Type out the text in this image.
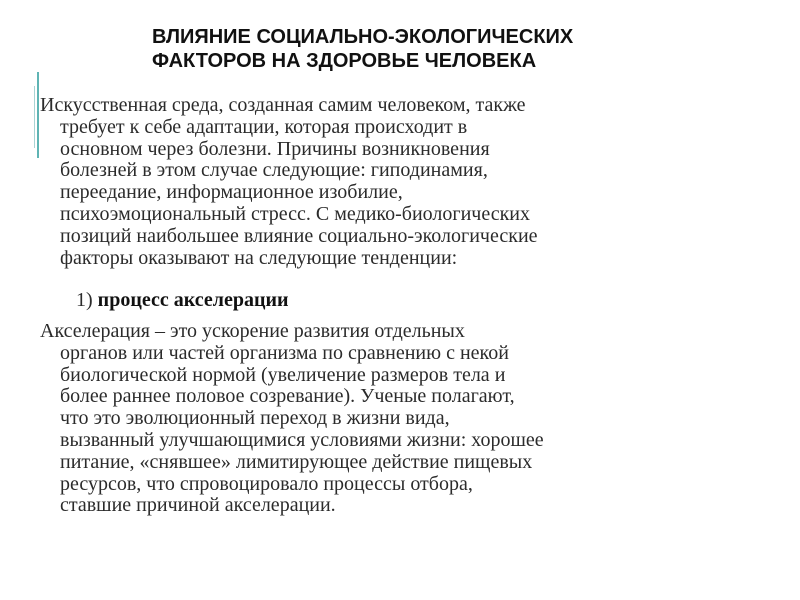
ВЛИЯНИЕ СОЦИАЛЬНО-ЭКОЛОГИЧЕСКИХ
ФАКТОРОВ НА ЗДОРОВЬЕ ЧЕЛОВЕКА

Искусственная среда, созданная самим человеком, также
требует к себе адаптации, которая происходит в
основном через болезни. Причины возникновения
болезней в этом случае следующие: гиподинамия,
переедание, информационное изобилие,
психоэмоциональный стресс. С медико-биологических
позиций наибольшее влияние социально-экологические
факторы оказывают на следующие тенденции:

1) процесс акселерации

Акселерация – это ускорение развития отдельных
органов или частей организма по сравнению с некой
биологической нормой (увеличение размеров тела и
более раннее половое созревание). Ученые полагают,
что это эволюционный переход в жизни вида,
вызванный улучшающимися условиями жизни: хорошее
питание, «снявшее» лимитирующее действие пищевых
ресурсов, что спровоцировало процессы отбора,
ставшие причиной акселерации.
